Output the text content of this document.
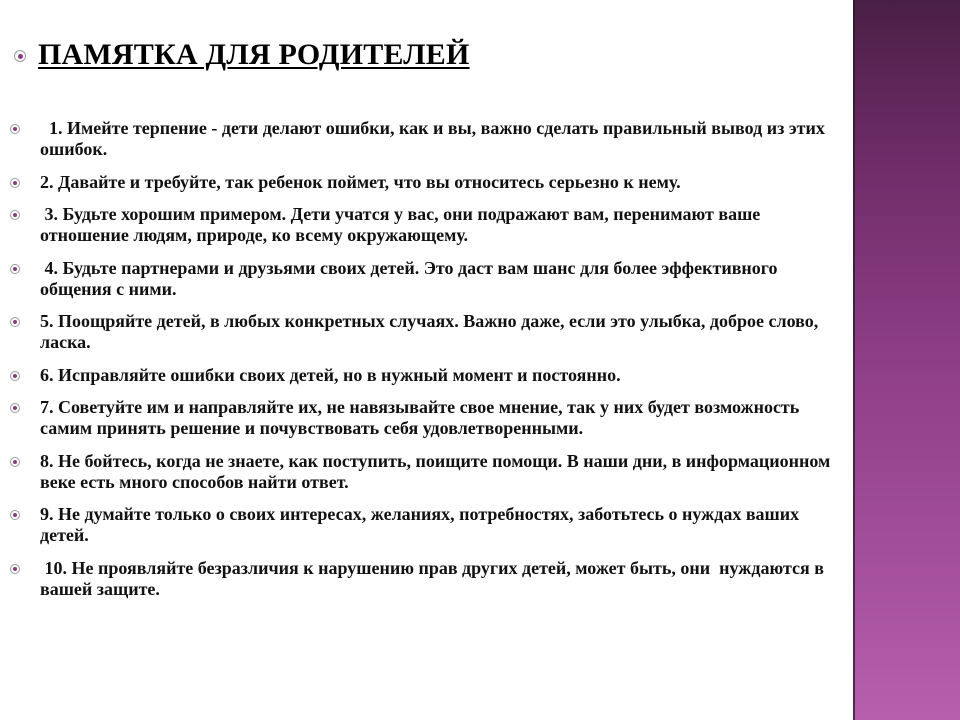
ПАМЯТКА ДЛЯ РОДИТЕЛЕЙ
1. Имейте терпение - дети делают ошибки, как и вы, важно сделать правильный вывод из этих ошибок.
2. Давайте и требуйте, так ребенок поймет, что вы относитесь серьезно к нему.
3. Будьте хорошим примером. Дети учатся у вас, они подражают вам, перенимают ваше отношение людям, природе, ко всему окружающему.
4. Будьте партнерами и друзьями своих детей. Это даст вам шанс для более эффективного общения с ними.
5. Поощряйте детей, в любых конкретных случаях. Важно даже, если это улыбка, доброе слово, ласка.
6. Исправляйте ошибки своих детей, но в нужный момент и постоянно.
7. Советуйте им и направляйте их, не навязывайте свое мнение, так у них будет возможность самим принять решение и почувствовать себя удовлетворенными.
8. Не бойтесь, когда не знаете, как поступить, поищите помощи. В наши дни, в информационном веке есть много способов найти ответ.
9. Не думайте только о своих интересах, желаниях, потребностях, заботьтесь о нуждах ваших детей.
10. Не проявляйте безразличия к нарушению прав других детей, может быть, они  нуждаются в вашей защите.
